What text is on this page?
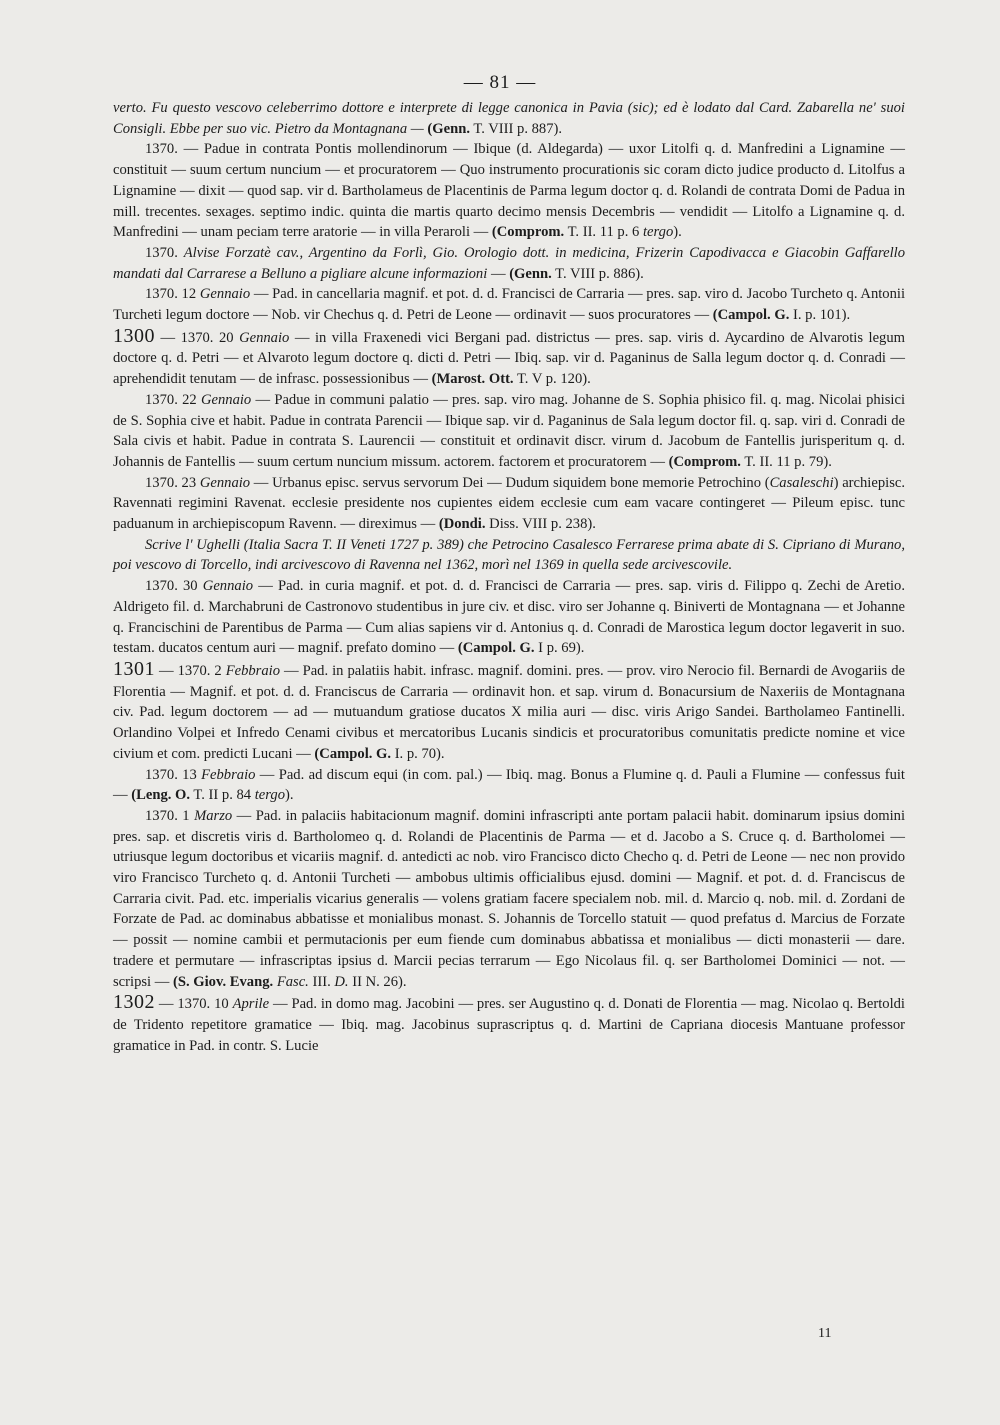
— 81 —

verto. Fu questo vescovo celeberrimo dottore e interprete di legge canonica in Pavia (sic); ed è lodato dal Card. Zabarella ne' suoi Consigli. Ebbe per suo vic. Pietro da Montagnana — (Genn. T. VIII p. 887).

1370. — Padue in contrata Pontis mollendinorum — Ibique (d. Aldegarda) — uxor Litolfi q. d. Manfredini a Lignamine — constituit — suum certum nuncium — et procuratorem — Quo instrumento procurationis sic coram dicto judice producto d. Litolfus a Lignamine — dixit — quod sap. vir d. Bartholameus de Placentinis de Parma legum doctor q. d. Rolandi de contrata Domi de Padua in mill. trecentes. sexages. septimo indic. quinta die martis quarto decimo mensis Decembris — vendidit — Litolfo a Lignamine q. d. Manfredini — unam peciam terre aratorie — in villa Peraroli — (Comprom. T. II. 11 p. 6 tergo).

1370. Alvise Forzatè cav., Argentino da Forlì, Gio. Orologio dott. in medicina, Frizerin Capodivacca e Giacobin Gaffarello mandati dal Carrarese a Belluno a pigliare alcune informazioni — (Genn. T. VIII p. 886).

1370. 12 Gennaio — Pad. in cancellaria magnif. et pot. d. d. Francisci de Carraria — pres. sap. viro d. Jacobo Turcheto q. Antonii Turcheti legum doctore — Nob. vir Chechus q. d. Petri de Leone — ordinavit — suos procuratores — (Campol. G. I. p. 101).

1300 — 1370. 20 Gennaio — in villa Fraxenedi vici Bergani pad. districtus — pres. sap. viris d. Aycardino de Alvarotis legum doctore q. d. Petri — et Alvaroto legum doctore q. dicti d. Petri — Ibiq. sap. vir d. Paganinus de Salla legum doctor q. d. Conradi — aprehendidit tenutam — de infrasc. possessionibus — (Marost. Ott. T. V p. 120).

1370. 22 Gennaio — Padue in communi palatio — pres. sap. viro mag. Johanne de S. Sophia phisico fil. q. mag. Nicolai phisici de S. Sophia cive et habit. Padue in contrata Parencii — Ibique sap. vir d. Paganinus de Sala legum doctor fil. q. sap. viri d. Conradi de Sala civis et habit. Padue in contrata S. Laurencii — constituit et ordinavit discr. virum d. Jacobum de Fantellis jurisperitum q. d. Johannis de Fantellis — suum certum nuncium missum. actorem. factorem et procuratorem — (Comprom. T. II. 11 p. 79).

1370. 23 Gennaio — Urbanus episc. servus servorum Dei — Dudum siquidem bone memorie Petrochino (Casaleschi) archiepisc. Ravennati regimini Ravenat. ecclesie presidente nos cupientes eidem ecclesie cum eam vacare contingeret — Pileum episc. tunc paduanum in archiepiscopum Ravenn. — direximus — (Dondi. Diss. VIII p. 238).

Scrive l' Ughelli (Italia Sacra T. II Veneti 1727 p. 389) che Petrocino Casalesco Ferrarese prima abate di S. Cipriano di Murano, poi vescovo di Torcello, indi arcivescovo di Ravenna nel 1362, morì nel 1369 in quella sede arcivescovile.

1370. 30 Gennaio — Pad. in curia magnif. et pot. d. d. Francisci de Carraria — pres. sap. viris d. Filippo q. Zechi de Aretio. Aldrigeto fil. d. Marchabruni de Castronovo studentibus in jure civ. et disc. viro ser Johanne q. Biniverti de Montagnana — et Johanne q. Francischini de Parentibus de Parma — Cum alias sapiens vir d. Antonius q. d. Conradi de Marostica legum doctor legaverit in suo. testam. ducatos centum auri — magnif. prefato domino — (Campol. G. I p. 69).

1301 — 1370. 2 Febbraio — Pad. in palatiis habit. infrasc. magnif. domini. pres. — prov. viro Nerocio fil. Bernardi de Avogariis de Florentia — Magnif. et pot. d. d. Franciscus de Carraria — ordinavit hon. et sap. virum d. Bonacursium de Naxeriis de Montagnana civ. Pad. legum doctorem — ad — mutuandum gratiose ducatos X milia auri — disc. viris Arigo Sandei. Bartholameo Fantinelli. Orlandino Volpei et Infredo Cenami civibus et mercatoribus Lucanis sindicis et procuratoribus comunitatis predicte nomine et vice civium et com. predicti Lucani — (Campol. G. I. p. 70).

1370. 13 Febbraio — Pad. ad discum equi (in com. pal.) — Ibiq. mag. Bonus a Flumine q. d. Pauli a Flumine — confessus fuit — (Leng. O. T. II p. 84 tergo).

1370. 1 Marzo — Pad. in palaciis habitacionum magnif. domini infrascripti ante portam palacii habit. dominarum ipsius domini pres. sap. et discretis viris d. Bartholomeo q. d. Rolandi de Placentinis de Parma — et d. Jacobo a S. Cruce q. d. Bartholomei — utriusque legum doctoribus et vicariis magnif. d. antedicti ac nob. viro Francisco dicto Checho q. d. Petri de Leone — nec non provido viro Francisco Turcheto q. d. Antonii Turcheti — ambobus ultimis officialibus ejusd. domini — Magnif. et pot. d. d. Franciscus de Carraria civit. Pad. etc. imperialis vicarius generalis — volens gratiam facere specialem nob. mil. d. Marcio q. nob. mil. d. Zordani de Forzate de Pad. ac dominabus abbatisse et monialibus monast. S. Johannis de Torcello statuit — quod prefatus d. Marcius de Forzate — possit — nomine cambii et permutacionis per eum fiende cum dominabus abbatissa et monialibus — dicti monasterii — dare. tradere et permutare — infrascriptas ipsius d. Marcii pecias terrarum — Ego Nicolaus fil. q. ser Bartholomei Dominici — not. — scripsi — (S. Giov. Evang. Fasc. III. D. II N. 26).

1302 — 1370. 10 Aprile — Pad. in domo mag. Jacobini — pres. ser Augustino q. d. Donati de Florentia — mag. Nicolao q. Bertoldi de Tridento repetitore gramatice — Ibiq. mag. Jacobinus suprascriptus q. d. Martini de Capriana diocesis Mantuane professor gramatice in Pad. in contr. S. Lucie

11
